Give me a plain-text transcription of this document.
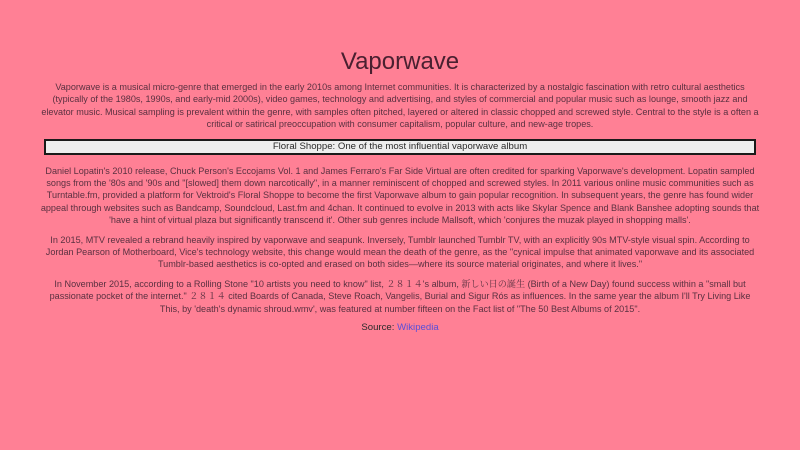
Vaporwave

Vaporwave is a musical micro-genre that emerged in the early 2010s among Internet communities. It is characterized by a nostalgic fascination with retro cultural aesthetics (typically of the 1980s, 1990s, and early-mid 2000s), video games, technology and advertising, and styles of commercial and popular music such as lounge, smooth jazz and elevator music. Musical sampling is prevalent within the genre, with samples often pitched, layered or altered in classic chopped and screwed style. Central to the style is a often a critical or satirical preoccupation with consumer capitalism, popular culture, and new-age tropes.

Floral Shoppe: One of the most influential vaporwave album

Daniel Lopatin's 2010 release, Chuck Person's Eccojams Vol. 1 and James Ferraro's Far Side Virtual are often credited for sparking Vaporwave's development. Lopatin sampled songs from the '80s and '90s and "[slowed] them down narcotically", in a manner reminiscent of chopped and screwed styles. In 2011 various online music communities such as Turntable.fm, provided a platform for Vektroid's Floral Shoppe to become the first Vaporwave album to gain popular recognition. In subsequent years, the genre has found wider appeal through websites such as Bandcamp, Soundcloud, Last.fm and 4chan. It continued to evolve in 2013 with acts like Skylar Spence and Blank Banshee adopting sounds that 'have a hint of virtual plaza but significantly transcend it'. Other sub genres include Mallsoft, which 'conjures the muzak played in shopping malls'.

In 2015, MTV revealed a rebrand heavily inspired by vaporwave and seapunk. Inversely, Tumblr launched Tumblr TV, with an explicitly 90s MTV-style visual spin. According to Jordan Pearson of Motherboard, Vice's technology website, this change would mean the death of the genre, as the "cynical impulse that animated vaporwave and its associated Tumblr-based aesthetics is co-opted and erased on both sides—where its source material originates, and where it lives."

In November 2015, according to a Rolling Stone "10 artists you need to know" list, ２８１４'s album, 新しい日の誕生 (Birth of a New Day) found success within a "small but passionate pocket of the internet." ２８１４ cited Boards of Canada, Steve Roach, Vangelis, Burial and Sigur Rós as influences. In the same year the album I'll Try Living Like This, by 'death's dynamic shroud.wmv', was featured at number fifteen on the Fact list of "The 50 Best Albums of 2015".

Source: Wikipedia
